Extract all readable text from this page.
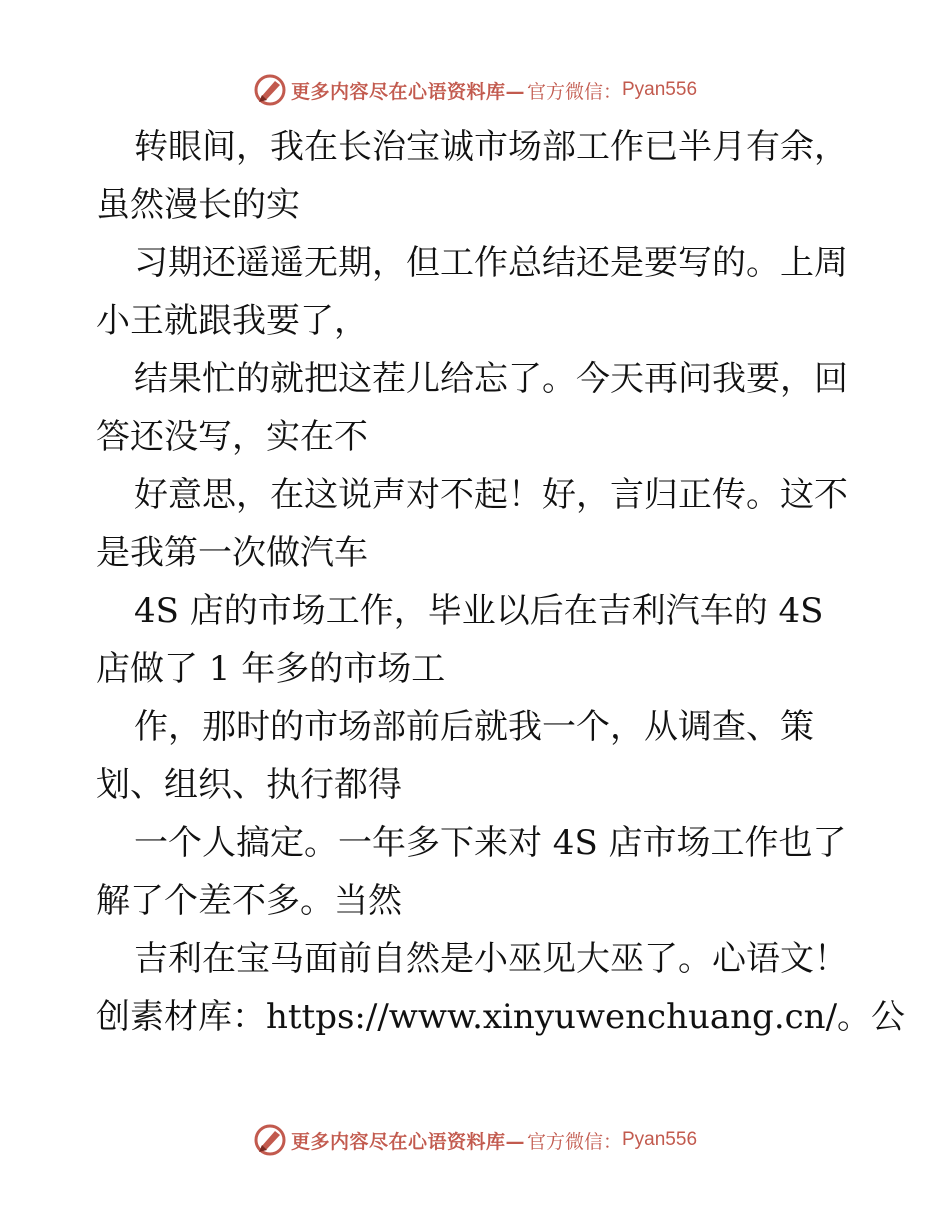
更多内容尽在心语资料库— 官方微信： Pyan556
转眼间，我在长治宝诚市场部工作已半月有余，
虽然漫长的实
习期还遥遥无期，但工作总结还是要写的。上周
小王就跟我要了，
结果忙的就把这茬儿给忘了。今天再问我要，回
答还没写，实在不
好意思，在这说声对不起！好，言归正传。这不
是我第一次做汽车
4S 店的市场工作，毕业以后在吉利汽车的 4S
店做了 1 年多的市场工
作，那时的市场部前后就我一个，从调查、策
划、组织、执行都得
一个人搞定。一年多下来对 4S 店市场工作也了
解了个差不多。当然
吉利在宝马面前自然是小巫见大巫了。心语文！
创素材库：https://www.xinyuwenchuang.cn/。公
更多内容尽在心语资料库— 官方微信： Pyan556
